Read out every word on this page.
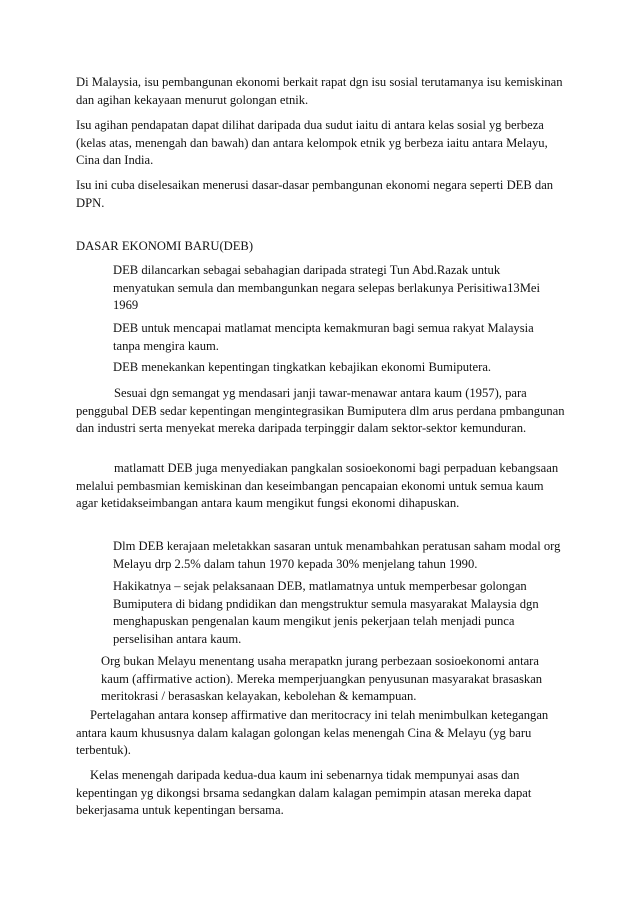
Di Malaysia, isu pembangunan ekonomi berkait rapat dgn isu sosial terutamanya isu kemiskinan dan agihan kekayaan menurut golongan etnik.

Isu agihan pendapatan dapat dilihat daripada dua sudut iaitu di antara kelas sosial yg berbeza (kelas atas, menengah dan bawah) dan antara kelompok etnik yg berbeza iaitu antara Melayu, Cina dan India.

Isu ini cuba diselesaikan menerusi dasar-dasar pembangunan ekonomi negara seperti DEB dan DPN.

DASAR EKONOMI BARU(DEB)

DEB dilancarkan sebagai sebahagian daripada strategi Tun Abd.Razak untuk menyatukan semula dan membangunkan negara selepas berlakunya Perisitiwa13Mei 1969

DEB untuk mencapai matlamat mencipta kemakmuran bagi semua rakyat Malaysia tanpa mengira kaum.

DEB menekankan kepentingan tingkatkan kebajikan ekonomi Bumiputera.

Sesuai dgn semangat yg mendasari janji tawar-menawar antara kaum (1957), para penggubal DEB sedar kepentingan mengintegrasikan Bumiputera dlm arus perdana pmbangunan dan industri serta menyekat mereka daripada terpinggir dalam sektor-sektor kemunduran.

matlamatt DEB juga menyediakan pangkalan sosioekonomi bagi perpaduan kebangsaan melalui pembasmian kemiskinan dan keseimbangan pencapaian ekonomi untuk semua kaum agar ketidakseimbangan antara kaum mengikut fungsi ekonomi dihapuskan.

Dlm DEB kerajaan meletakkan sasaran untuk menambahkan peratusan saham modal org Melayu drp 2.5% dalam tahun 1970 kepada 30% menjelang tahun 1990.

Hakikatnya – sejak pelaksanaan DEB, matlamatnya untuk memperbesar golongan Bumiputera di bidang pndidikan dan mengstruktur semula masyarakat Malaysia dgn menghapuskan pengenalan kaum mengikut jenis pekerjaan telah menjadi punca perselisihan antara kaum.

Org bukan Melayu menentang usaha merapatkn jurang perbezaan sosioekonomi antara kaum (affirmative action). Mereka memperjuangkan penyusunan masyarakat brasaskan meritokrasi / berasaskan kelayakan, kebolehan & kemampuan.

Pertelagahan antara konsep affirmative dan meritocracy ini telah menimbulkan ketegangan antara kaum khususnya dalam kalagan golongan kelas menengah Cina & Melayu (yg baru terbentuk).

Kelas menengah daripada kedua-dua kaum ini sebenarnya tidak mempunyai asas dan kepentingan yg dikongsi brsama sedangkan dalam kalagan pemimpin atasan mereka dapat bekerjasama untuk kepentingan bersama.
